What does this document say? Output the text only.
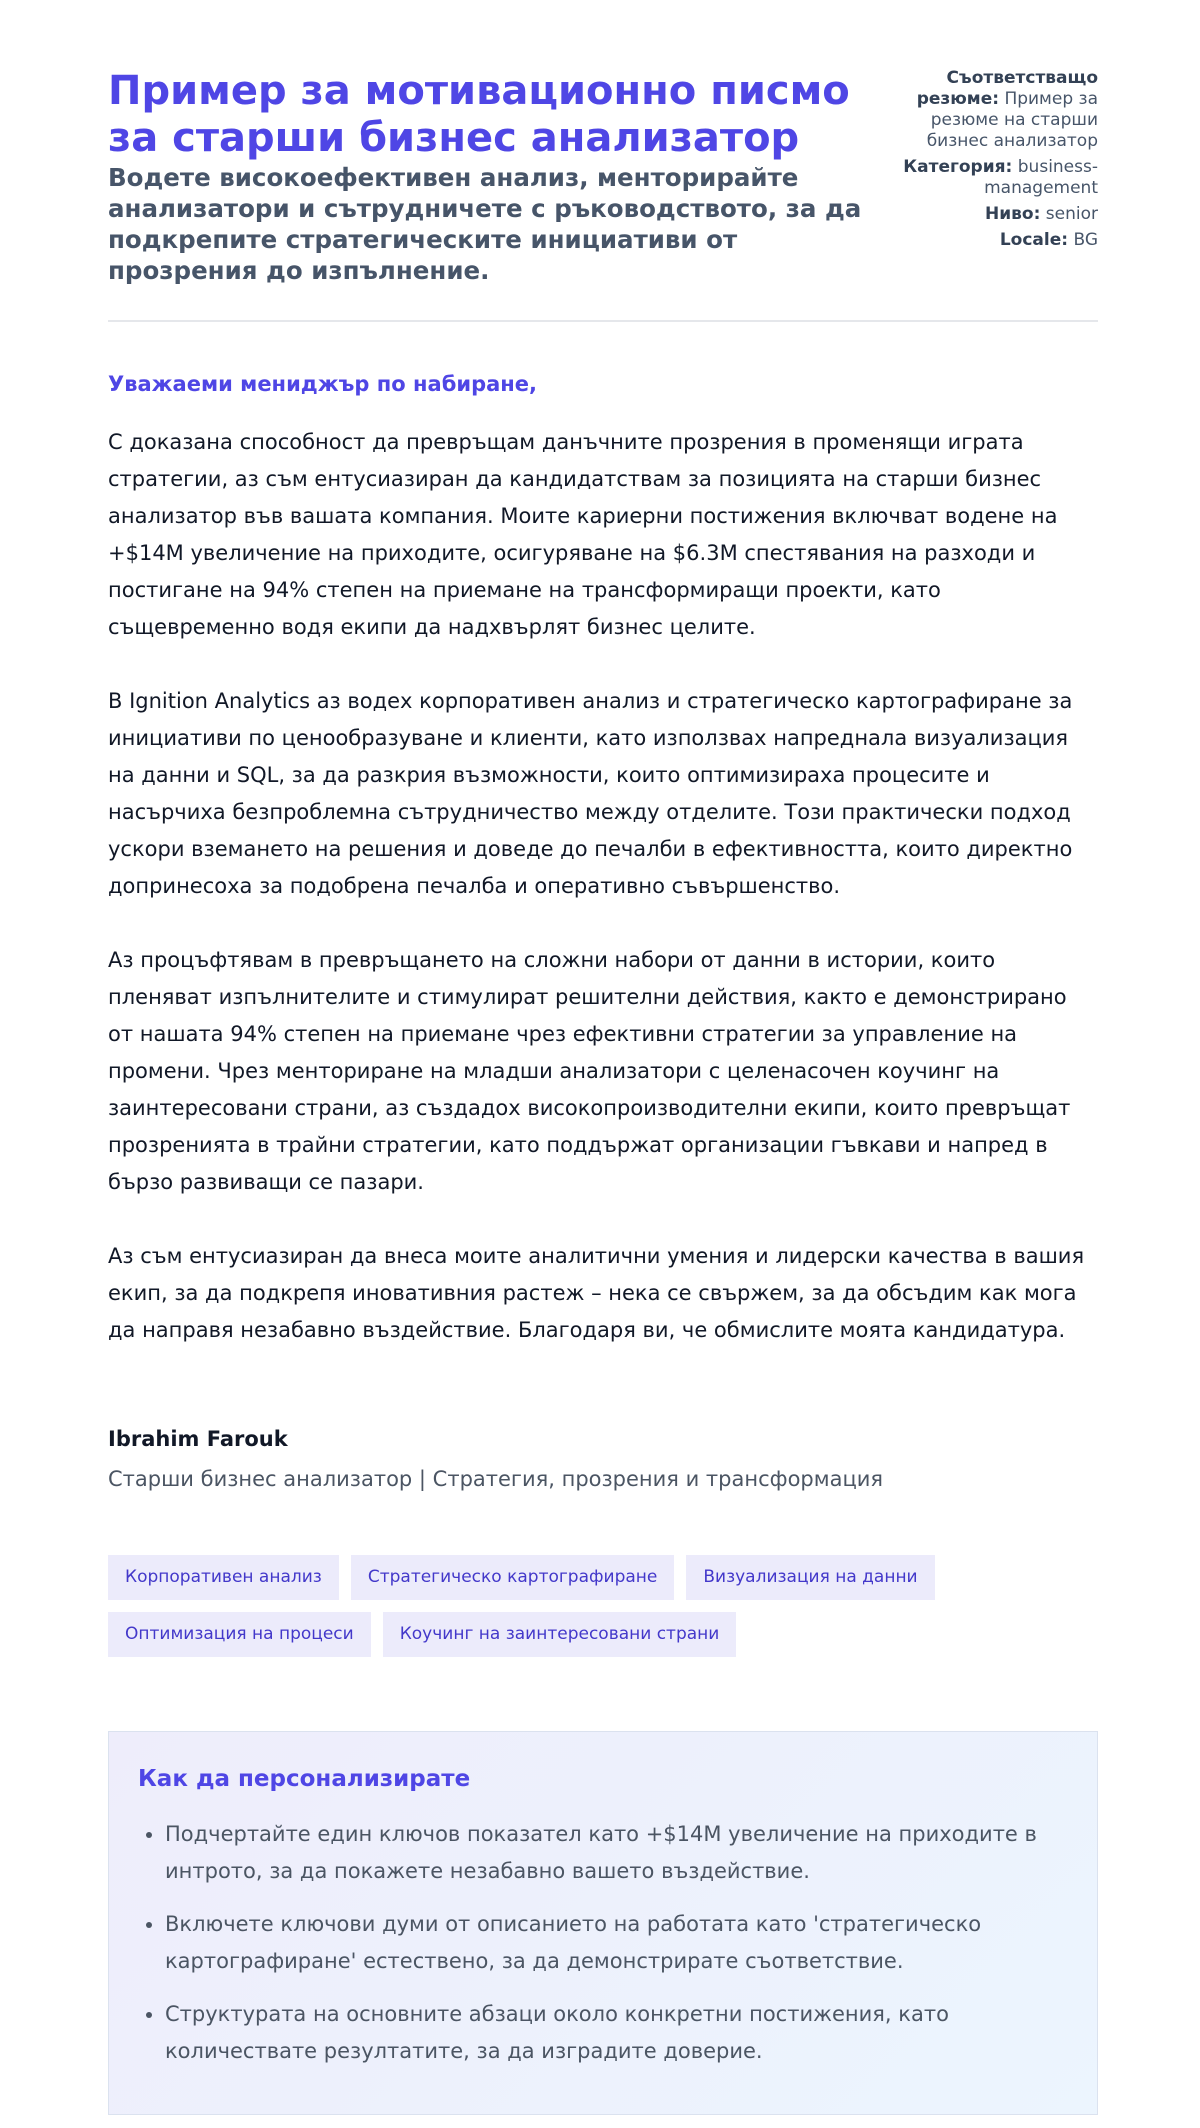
Пример за мотивационно писмо за старши бизнес анализатор
Водете високоефективен анализ, менторирайте анализатори и сътрудничете с ръководството, за да подкрепите стратегическите инициативи от прозрения до изпълнение.
Съответстващо резюме: Пример за резюме на старши бизнес анализатор
Категория: business-management
Ниво: senior
Locale: BG
Уважаеми мениджър по набиране,

С доказана способност да превръщам данъчните прозрения в променящи играта стратегии, аз съм ентусиазиран да кандидатствам за позицията на старши бизнес анализатор във вашата компания. Моите кариерни постижения включват водене на +$14M увеличение на приходите, осигуряване на $6.3M спестявания на разходи и постигане на 94% степен на приемане на трансформиращи проекти, като същевременно водя екипи да надхвърлят бизнес целите.

В Ignition Analytics аз водех корпоративен анализ и стратегическо картографиране за инициативи по ценообразуване и клиенти, като използвах напреднала визуализация на данни и SQL, за да разкрия възможности, които оптимизираха процесите и насърчиха безпроблемна сътрудничество между отделите. Този практически подход ускори вземането на решения и доведе до печалби в ефективността, които директно допринесоха за подобрена печалба и оперативно съвършенство.

Аз процъфтявам в превръщането на сложни набори от данни в истории, които пленяват изпълнителите и стимулират решителни действия, както е демонстрирано от нашата 94% степен на приемане чрез ефективни стратегии за управление на промени. Чрез менториране на младши анализатори с целенасочен коучинг на заинтересовани страни, аз създадох високопроизводителни екипи, които превръщат прозренията в трайни стратегии, като поддържат организации гъвкави и напред в бързо развиващи се пазари.

Аз съм ентусиазиран да внеса моите аналитични умения и лидерски качества в вашия екип, за да подкрепя иновативния растеж – нека се свържем, за да обсъдим как мога да направя незабавно въздействие. Благодаря ви, че обмислите моята кандидатура.

Ibrahim Farouk
Старши бизнес анализатор | Стратегия, прозрения и трансформация
Корпоративен анализ	Стратегическо картографиране	Визуализация на данни
Оптимизация на процеси	Коучинг на заинтересовани страни
Как да персонализирате
• Подчертайте един ключов показател като +$14M увеличение на приходите в интрото, за да покажете незабавно вашето въздействие.
• Включете ключови думи от описанието на работата като 'стратегическо картографиране' естествено, за да демонстрирате съответствие.
• Структурата на основните абзаци около конкретни постижения, като количествате резултатите, за да изградите доверие.
